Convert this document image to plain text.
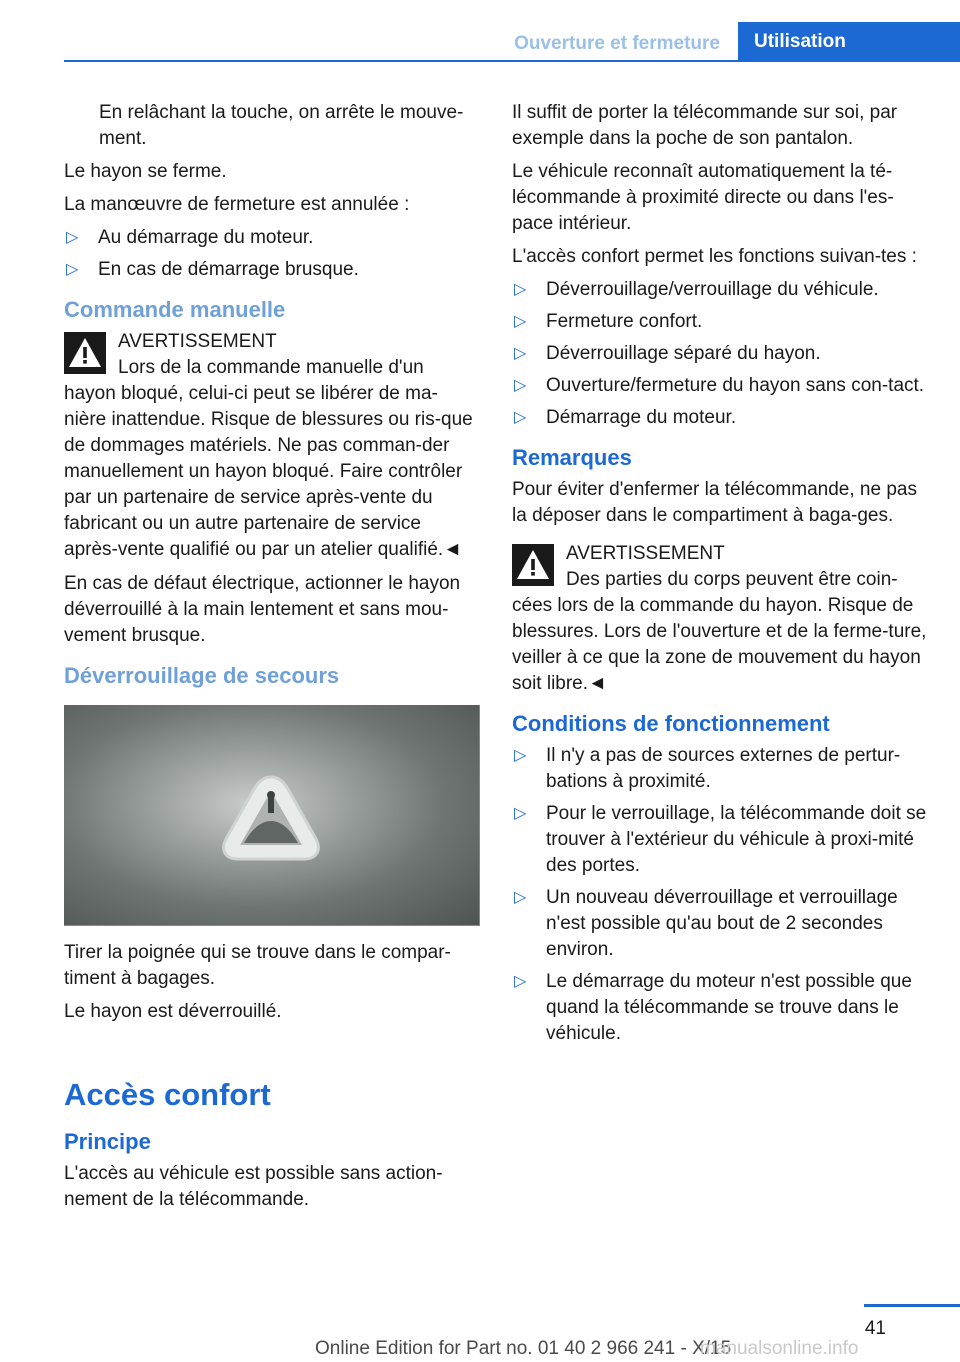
Ouverture et fermeture	Utilisation

En relâchant la touche, on arrête le mouve-ment.

Le hayon se ferme.

La manœuvre de fermeture est annulée :

▷ Au démarrage du moteur.
▷ En cas de démarrage brusque.
Commande manuelle
AVERTISSEMENT
Lors de la commande manuelle d'un hayon bloqué, celui-ci peut se libérer de ma-nière inattendue. Risque de blessures ou ris-que de dommages matériels. Ne pas comman-der manuellement un hayon bloqué. Faire contrôler par un partenaire de service après-vente du fabricant ou un autre partenaire de service après-vente qualifié ou par un atelier qualifié.◄

En cas de défaut électrique, actionner le hayon déverrouillé à la main lentement et sans mou-vement brusque.

Déverrouillage de secours

Tirer la poignée qui se trouve dans le compar-timent à bagages.

Le hayon est déverrouillé.

Accès confort
Principe

L'accès au véhicule est possible sans action-nement de la télécommande.

Il suffit de porter la télécommande sur soi, par exemple dans la poche de son pantalon.

Le véhicule reconnaît automatiquement la té-lécommande à proximité directe ou dans l'es-pace intérieur.

L'accès confort permet les fonctions suivan-tes :

▷ Déverrouillage/verrouillage du véhicule.
▷ Fermeture confort.
▷ Déverrouillage séparé du hayon.
▷ Ouverture/fermeture du hayon sans con-tact.
▷ Démarrage du moteur.
Remarques

Pour éviter d'enfermer la télécommande, ne pas la déposer dans le compartiment à baga-ges.

AVERTISSEMENT
Des parties du corps peuvent être coin-cées lors de la commande du hayon. Risque de blessures. Lors de l'ouverture et de la ferme-ture, veiller à ce que la zone de mouvement du hayon soit libre.◄
Conditions de fonctionnement
▷ Il n'y a pas de sources externes de pertur-bations à proximité.
▷ Pour le verrouillage, la télécommande doit se trouver à l'extérieur du véhicule à proxi-mité des portes.
▷ Un nouveau déverrouillage et verrouillage n'est possible qu'au bout de 2 secondes environ.
▷ Le démarrage du moteur n'est possible que quand la télécommande se trouve dans le véhicule.
41
Online Edition for Part no. 01 40 2 966 241 - X/15
manualsonline.info
